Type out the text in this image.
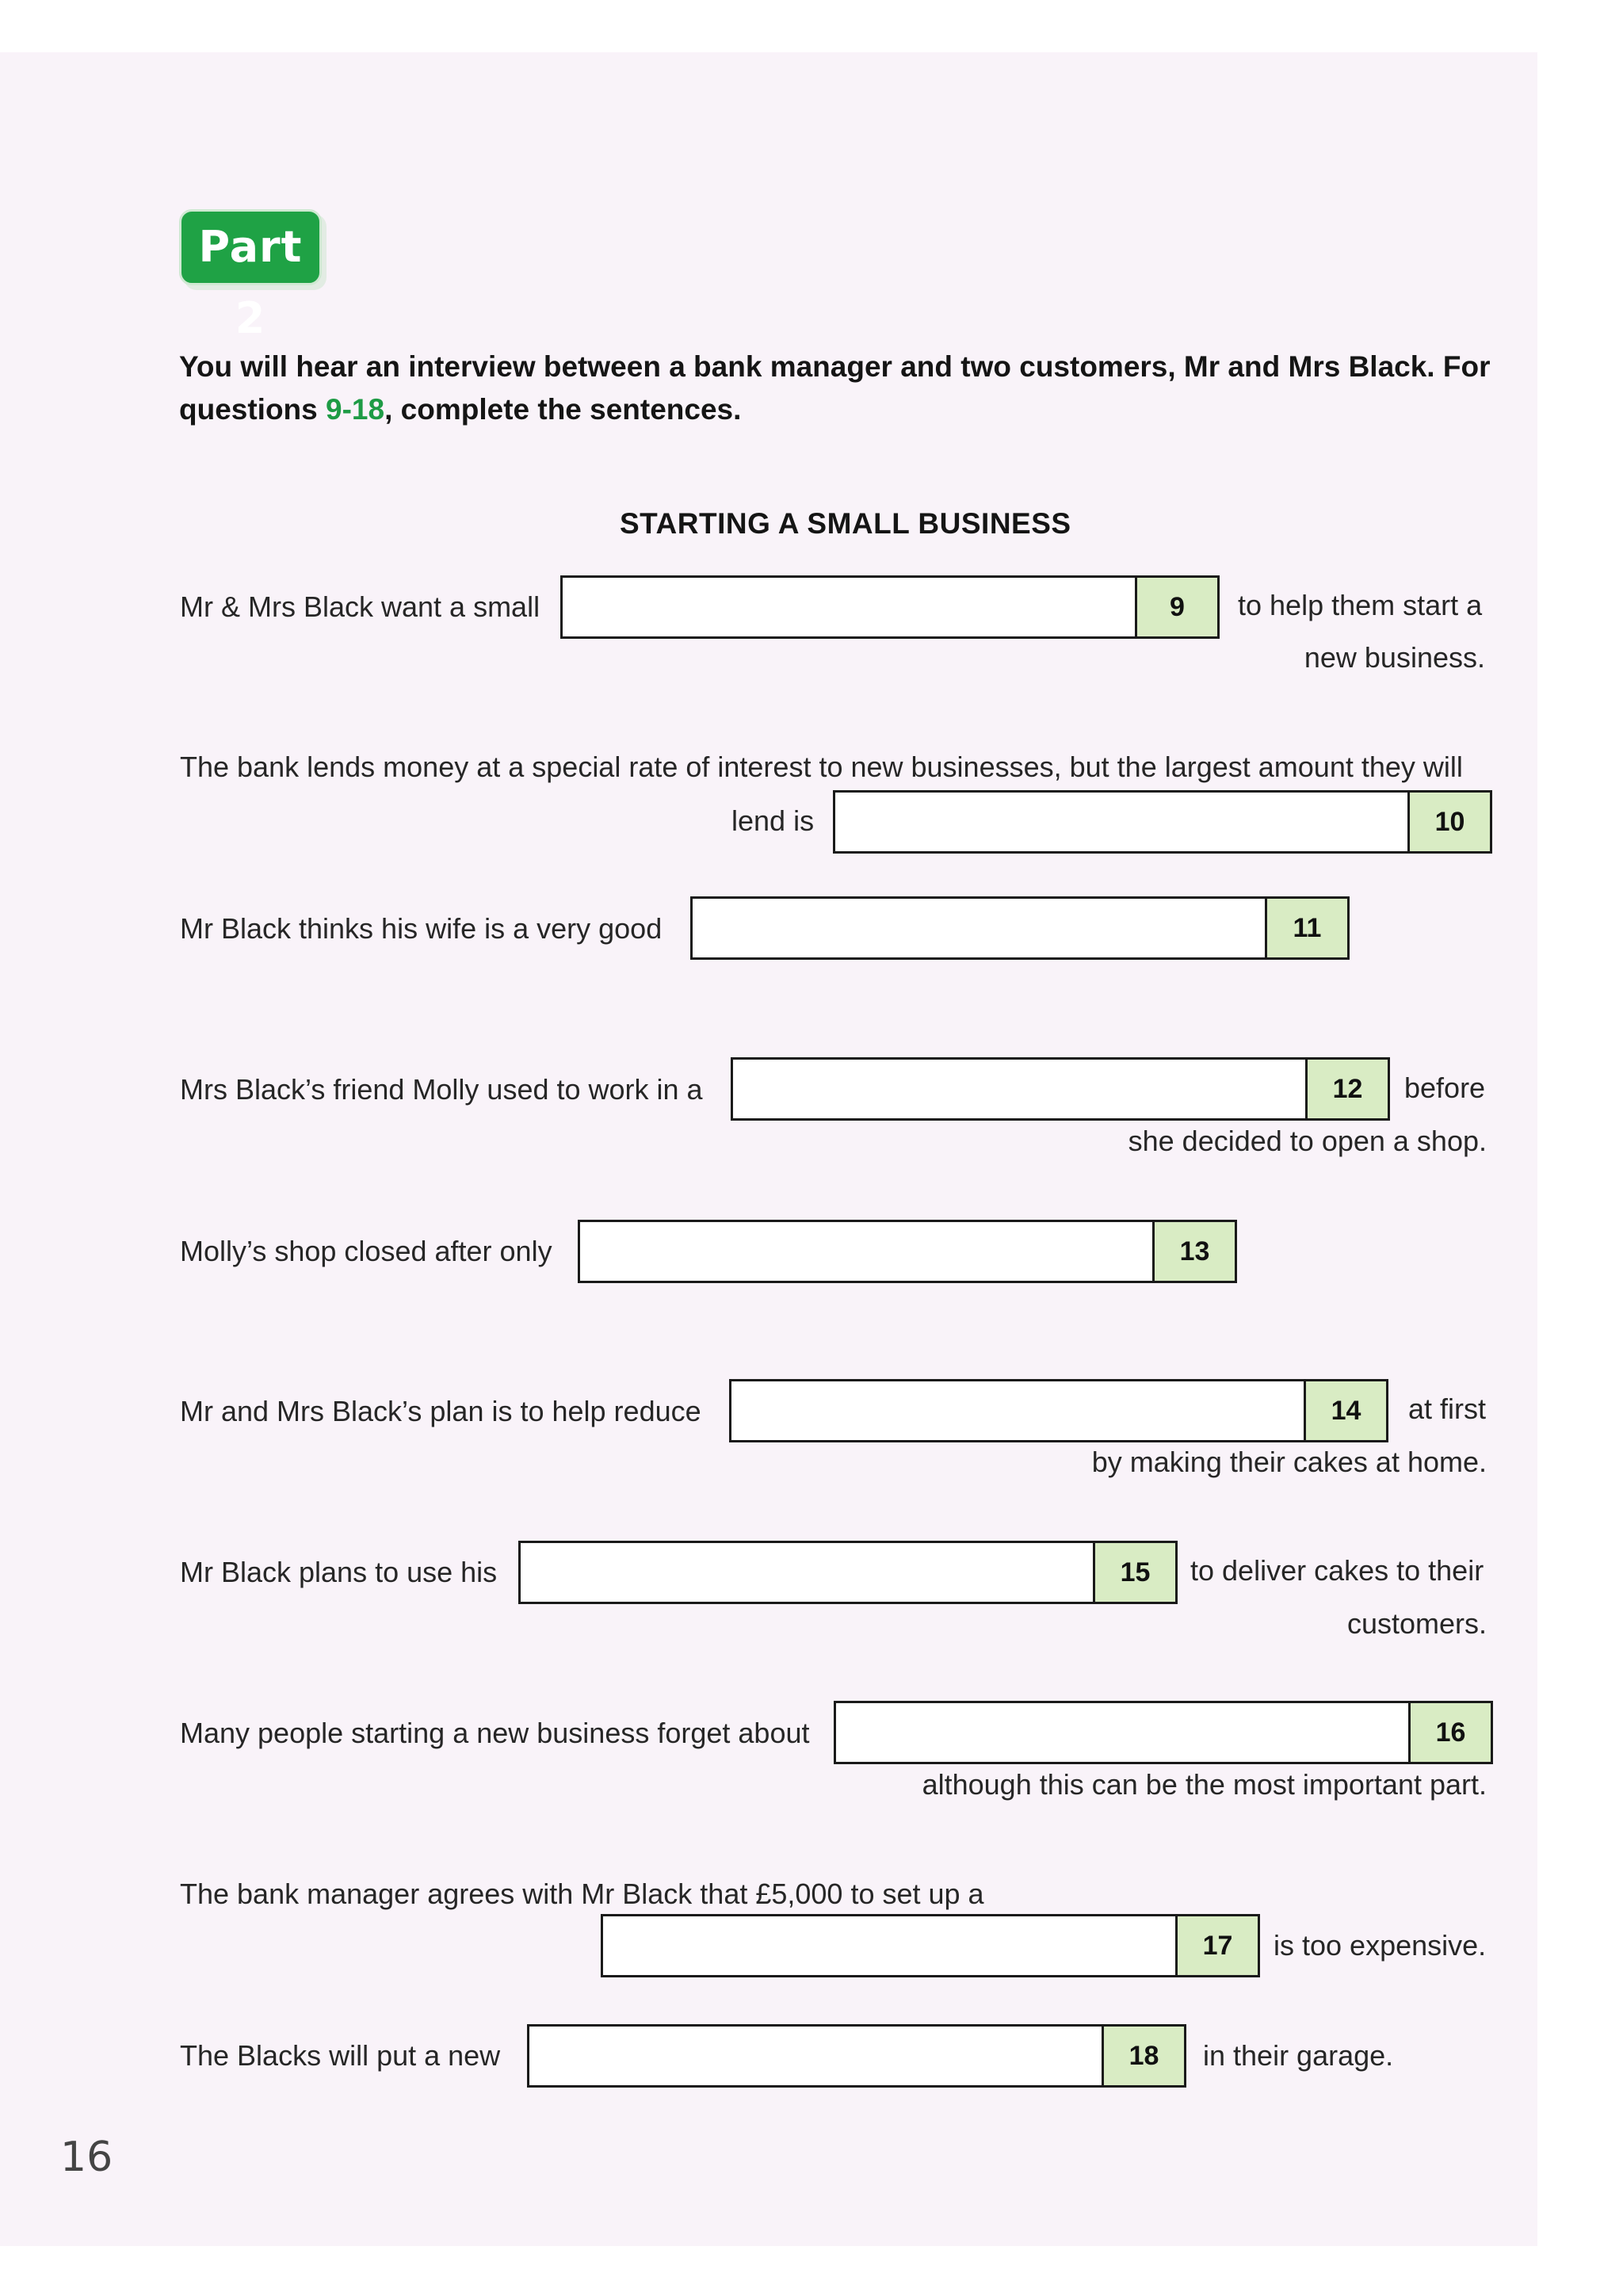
Part 2
You will hear an interview between a bank manager and two customers, Mr and Mrs Black. For questions 9-18, complete the sentences.
STARTING A SMALL BUSINESS
Mr & Mrs Black want a small	9	to help them start a
new business.
The bank lends money at a special rate of interest to new businesses, but the largest amount they will
lend is	10
Mr Black thinks his wife is a very good	11
Mrs Black’s friend Molly used to work in a	12	before
she decided to open a shop.
Molly’s shop closed after only	13
Mr and Mrs Black’s plan is to help reduce	14	at first
by making their cakes at home.
Mr Black plans to use his	15	to deliver cakes to their
customers.
Many people starting a new business forget about	16
although this can be the most important part.
The bank manager agrees with Mr Black that £5,000 to set up a
17	is too expensive.
The Blacks will put a new	18	in their garage.
16
